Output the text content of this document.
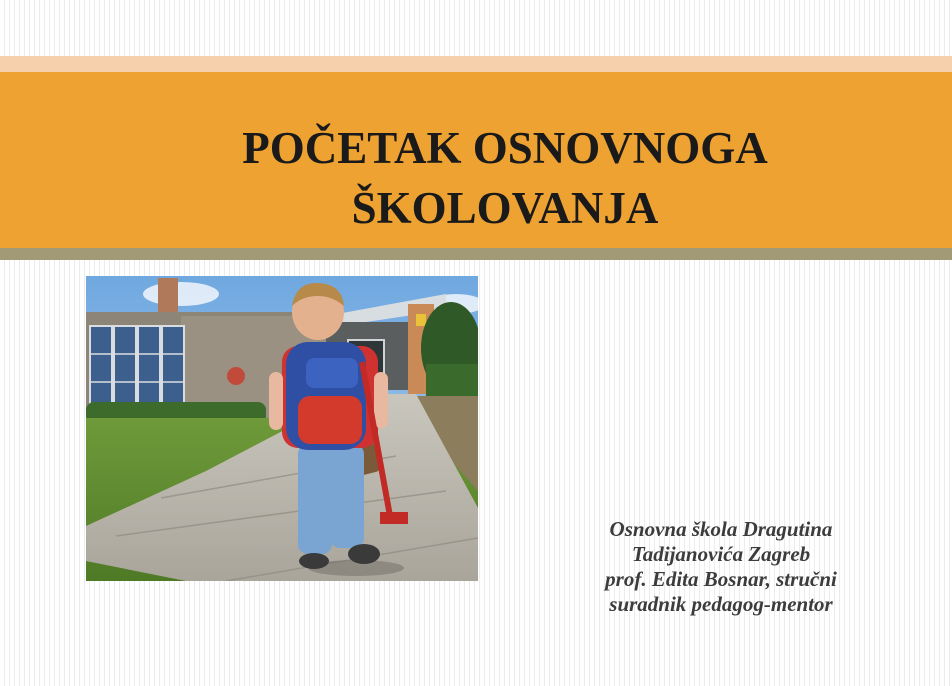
POČETAK OSNOVNOGA
ŠKOLOVANJA
Osnovna škola Dragutina
Tadijanovića Zagreb
prof. Edita Bosnar, stručni
suradnik pedagog-mentor
